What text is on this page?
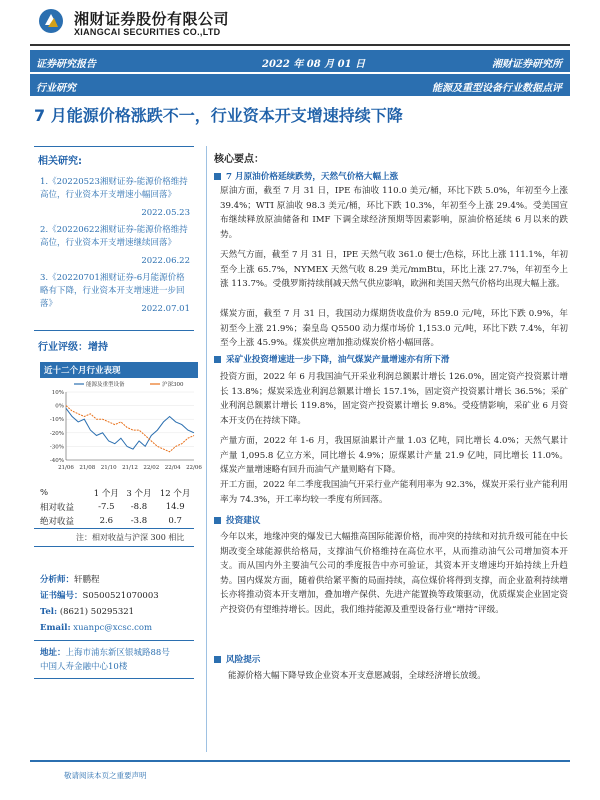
湘财证券股份有限公司
XIANGCAI SECURITIES CO.,LTD
证券研究报告	2022 年 08 月 01 日	湘财证券研究所
行业研究	能源及重型设备行业数据点评
7 月能源价格涨跌不一，行业资本开支增速持续下降
相关研究:
1.《20220523湘财证券-能源价格维持高位，行业资本开支增速小幅回落》
2022.05.23
2.《20220622湘财证券-能源价格维持高位，行业资本开支增速继续回落》
2022.06.22
3.《20220701湘财证券-6月能源价格略有下降，行业资本开支增速进一步回落》	2022.07.01
行业评级：增持
近十二个月行业表现
10%
0%
-10%
-20%
-30%
-40%
21/06 21/08 21/10 21/12 22/02 22/04 22/06
能源及重型设备	沪深300
%	1 个月	3 个月	12 个月
相对收益	-7.5	-8.8	14.9
绝对收益	2.6	-3.8	0.7
注：相对收益与沪深 300 相比
分析师：轩鹏程
证书编号：S0500521070003
Tel: (8621) 50295321
Email: xuanpc@xcsc.com
地址：上海市浦东新区银城路88号
中国人寿金融中心10楼
核心要点：
7 月原油价格延续跌势，天然气价格大幅上涨
原油方面，截至 7 月 31 日，IPE 布油收 110.0 美元/桶，环比下跌 5.0%，年初至今上涨 39.4%；WTI 原油收 98.3 美元/桶，环比下跌 10.3%，年初至今上涨 29.4%。受美国宣布继续释放原油储备和 IMF 下调全球经济预期等因素影响，原油价格延续 6 月以来的跌势。
天然气方面，截至 7 月 31 日，IPE 天然气收 361.0 便士/色棕，环比上涨 111.1%，年初至今上涨 65.7%，NYMEX 天然气收 8.29 美元/mmBtu，环比上涨 27.7%，年初至今上涨 113.7%。受俄罗斯持续削减天然气供应影响，欧洲和美国天然气价格均出现大幅上涨。
煤炭方面，截至 7 月 31 日，我国动力煤期货收盘价为 859.0 元/吨，环比下跌 0.9%，年初至今上涨 21.9%；秦皇岛 Q5500 动力煤市场价 1,153.0 元/吨，环比下跌 7.4%，年初至今上涨 45.9%。煤炭供应增加推动煤炭价格小幅回落。
采矿业投资增速进一步下降，油气煤炭产量增速亦有所下滑
投资方面，2022 年 6 月我国油气开采业利润总额累计增长 126.0%，固定资产投资累计增长 13.8%；煤炭采选业利润总额累计增长 157.1%，固定资产投资累计增长 36.5%；采矿业利润总额累计增长 119.8%，固定资产投资累计增长 9.8%。受疫情影响，采矿业 6 月资本开支仍在持续下降。
产量方面，2022 年 1-6 月，我国原油累计产量 1.03 亿吨，同比增长 4.0%；天然气累计产量 1,095.8 亿立方米，同比增长 4.9%；原煤累计产量 21.9 亿吨，同比增长 11.0%。煤炭产量增速略有回升而油气产量则略有下降。
开工方面，2022 年二季度我国油气开采行业产能利用率为 92.3%，煤炭开采行业产能利用率为 74.3%，开工率均较一季度有所回落。
投资建议
今年以来，地缘冲突的爆发已大幅推高国际能源价格，而冲突的持续和对抗升级可能在中长期改变全球能源供给格局，支撑油气价格维持在高位水平，从而推动油气公司增加资本开支。而从国内外主要油气公司的季度报告中亦可验证，其资本开支增速均开始持续上升趋势。国内煤炭方面，随着供给紧平衡的局面持续，高位煤价将得到支撑，而企业盈利持续增长亦将推动资本开支增加，叠加增产保供、先进产能置换等政策驱动，优质煤炭企业固定资产投资仍有望维持增长。因此，我们维持能源及重型设备行业“增持”评级。
风险提示
能源价格大幅下降导致企业资本开支意愿减弱，全球经济增长放缓。
敬请阅读本页之重要声明
